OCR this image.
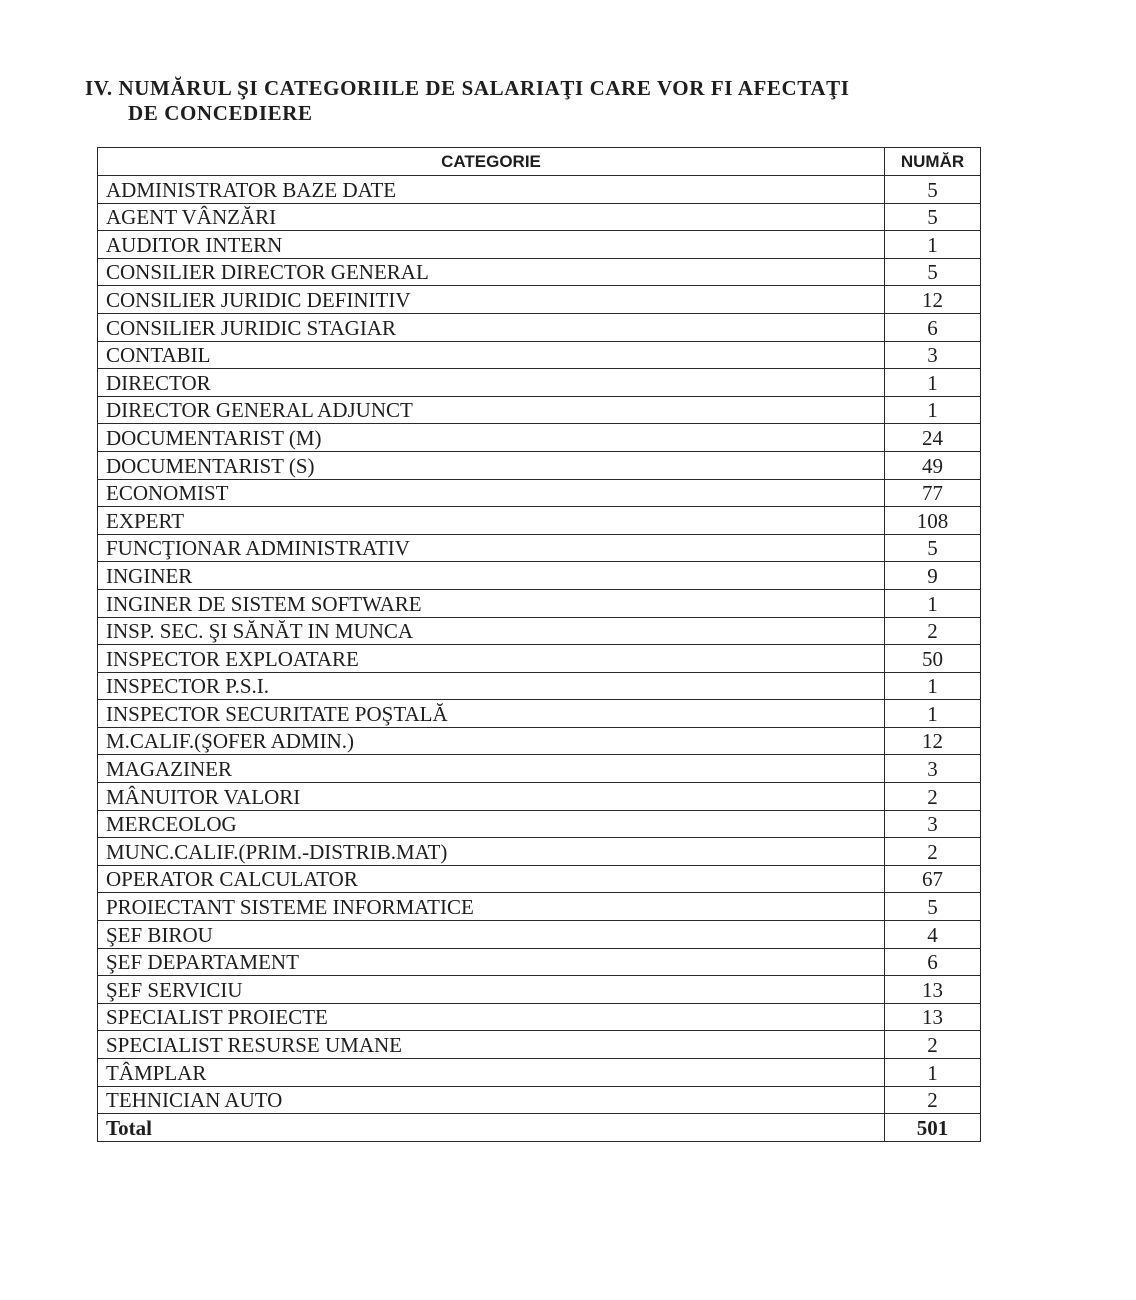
IV. NUMĂRUL ŞI CATEGORIILE DE SALARIAŢI CARE VOR FI AFECTAŢI
DE CONCEDIERE
CATEGORIE	NUMĂR
ADMINISTRATOR BAZE DATE	5
AGENT VÂNZĂRI	5
AUDITOR INTERN	1
CONSILIER DIRECTOR GENERAL	5
CONSILIER JURIDIC DEFINITIV	12
CONSILIER JURIDIC STAGIAR	6
CONTABIL	3
DIRECTOR	1
DIRECTOR GENERAL ADJUNCT	1
DOCUMENTARIST (M)	24
DOCUMENTARIST (S)	49
ECONOMIST	77
EXPERT	108
FUNCŢIONAR ADMINISTRATIV	5
INGINER	9
INGINER DE SISTEM SOFTWARE	1
INSP. SEC. ŞI SĂNĂT IN MUNCA	2
INSPECTOR EXPLOATARE	50
INSPECTOR P.S.I.	1
INSPECTOR SECURITATE POŞTALĂ	1
M.CALIF.(ŞOFER ADMIN.)	12
MAGAZINER	3
MÂNUITOR VALORI	2
MERCEOLOG	3
MUNC.CALIF.(PRIM.-DISTRIB.MAT)	2
OPERATOR CALCULATOR	67
PROIECTANT SISTEME INFORMATICE	5
ŞEF BIROU	4
ŞEF DEPARTAMENT	6
ŞEF SERVICIU	13
SPECIALIST PROIECTE	13
SPECIALIST RESURSE UMANE	2
TÂMPLAR	1
TEHNICIAN AUTO	2
Total	501
